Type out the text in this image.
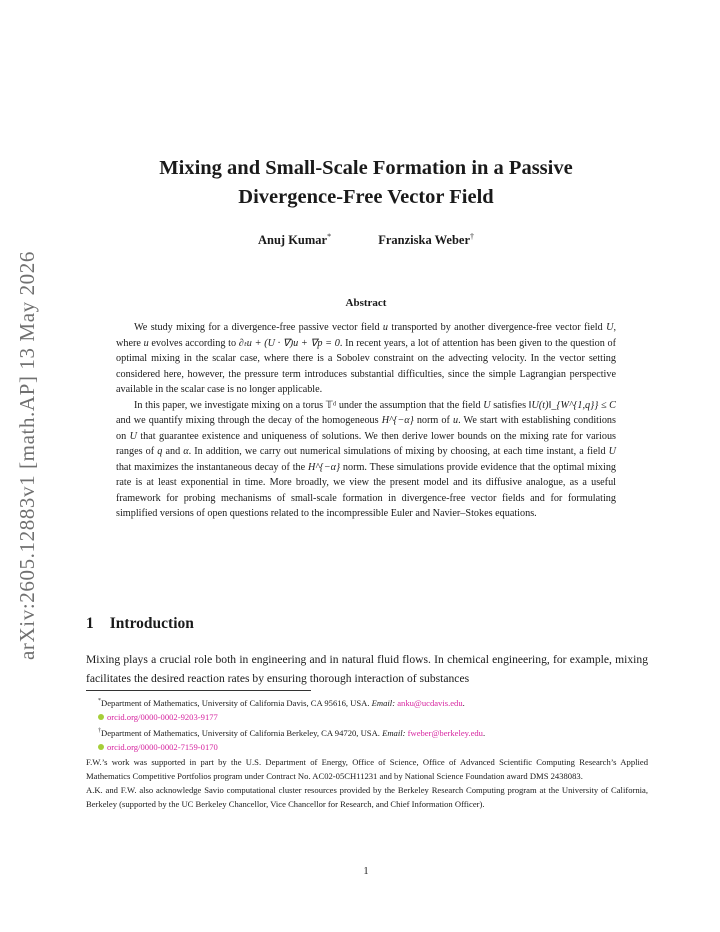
arXiv:2605.12883v1 [math.AP] 13 May 2026
Mixing and Small-Scale Formation in a Passive
Divergence-Free Vector Field
Anuj Kumar*	Franziska Weber†
Abstract

We study mixing for a divergence-free passive vector field u transported by another divergence-free vector field U, where u evolves according to ∂ₜu + (U · ∇)u + ∇p = 0. In recent years, a lot of attention has been given to the question of optimal mixing in the scalar case, where there is a Sobolev constraint on the advecting velocity. In the vector setting considered here, however, the pressure term introduces substantial difficulties, since the simple Lagrangian perspective available in the scalar case is no longer applicable.

In this paper, we investigate mixing on a torus 𝕋ᵈ under the assumption that the field U satisfies ‖U(t)‖_{W^{1,q}} ≤ C and we quantify mixing through the decay of the homogeneous H^{−α} norm of u. We start with establishing conditions on U that guarantee existence and uniqueness of solutions. We then derive lower bounds on the mixing rate for various ranges of q and α. In addition, we carry out numerical simulations of mixing by choosing, at each time instant, a field U that maximizes the instantaneous decay of the H^{−α} norm. These simulations provide evidence that the optimal mixing rate is at least exponential in time. More broadly, we view the present model and its diffusive analogue, as a useful framework for probing mechanisms of small-scale formation in divergence-free vector fields and for formulating simplified versions of open questions related to the incompressible Euler and Navier–Stokes equations.

1 Introduction
Mixing plays a crucial role both in engineering and in natural fluid flows. In chemical engineering, for example, mixing facilitates the desired reaction rates by ensuring thorough interaction of substances
*Department of Mathematics, University of California Davis, CA 95616, USA. Email: anku@ucdavis.edu.
orcid.org/0000-0002-9203-9177
†Department of Mathematics, University of California Berkeley, CA 94720, USA. Email: fweber@berkeley.edu.
orcid.org/0000-0002-7159-0170
F.W.’s work was supported in part by the U.S. Department of Energy, Office of Science, Office of Advanced Scientific Computing Research’s Applied Mathematics Competitive Portfolios program under Contract No. AC02-05CH11231 and by National Science Foundation award DMS 2438083.
A.K. and F.W. also acknowledge Savio computational cluster resources provided by the Berkeley Research Computing program at the University of California, Berkeley (supported by the UC Berkeley Chancellor, Vice Chancellor for Research, and Chief Information Officer).
1
